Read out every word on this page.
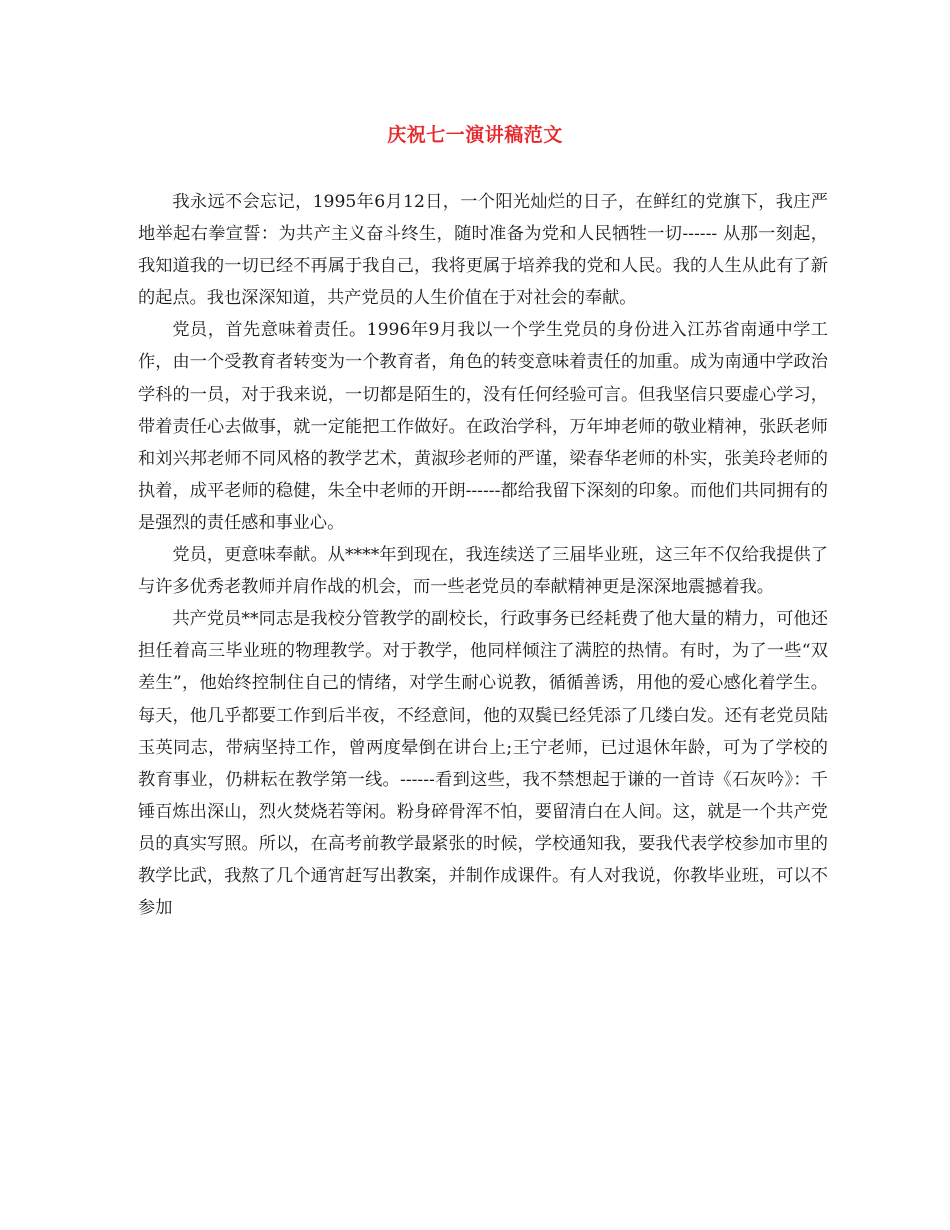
庆祝七一演讲稿范文

我永远不会忘记，1995年6月12日，一个阳光灿烂的日子，在鲜红的党旗下，我庄严地举起右拳宣誓：为共产主义奋斗终生，随时准备为党和人民牺牲一切------ 从那一刻起，我知道我的一切已经不再属于我自己，我将更属于培养我的党和人民。我的人生从此有了新的起点。我也深深知道，共产党员的人生价值在于对社会的奉献。

党员，首先意味着责任。1996年9月我以一个学生党员的身份进入江苏省南通中学工作，由一个受教育者转变为一个教育者，角色的转变意味着责任的加重。成为南通中学政治学科的一员，对于我来说，一切都是陌生的，没有任何经验可言。但我坚信只要虚心学习，带着责任心去做事，就一定能把工作做好。在政治学科，万年坤老师的敬业精神，张跃老师和刘兴邦老师不同风格的教学艺术，黄淑珍老师的严谨，梁春华老师的朴实，张美玲老师的执着，成平老师的稳健，朱全中老师的开朗------都给我留下深刻的印象。而他们共同拥有的是强烈的责任感和事业心。

党员，更意味奉献。从****年到现在，我连续送了三届毕业班，这三年不仅给我提供了与许多优秀老教师并肩作战的机会，而一些老党员的奉献精神更是深深地震撼着我。

共产党员**同志是我校分管教学的副校长，行政事务已经耗费了他大量的精力，可他还担任着高三毕业班的物理教学。对于教学，他同样倾注了满腔的热情。有时，为了一些“双差生”，他始终控制住自己的情绪，对学生耐心说教，循循善诱，用他的爱心感化着学生。每天，他几乎都要工作到后半夜，不经意间，他的双鬓已经凭添了几缕白发。还有老党员陆玉英同志，带病坚持工作，曾两度晕倒在讲台上;王宁老师，已过退休年龄，可为了学校的教育事业，仍耕耘在教学第一线。------看到这些，我不禁想起于谦的一首诗《石灰吟》：千锤百炼出深山，烈火焚烧若等闲。粉身碎骨浑不怕，要留清白在人间。这，就是一个共产党员的真实写照。所以，在高考前教学最紧张的时候，学校通知我，要我代表学校参加市里的教学比武，我熬了几个通宵赶写出教案，并制作成课件。有人对我说，你教毕业班，可以不参加
